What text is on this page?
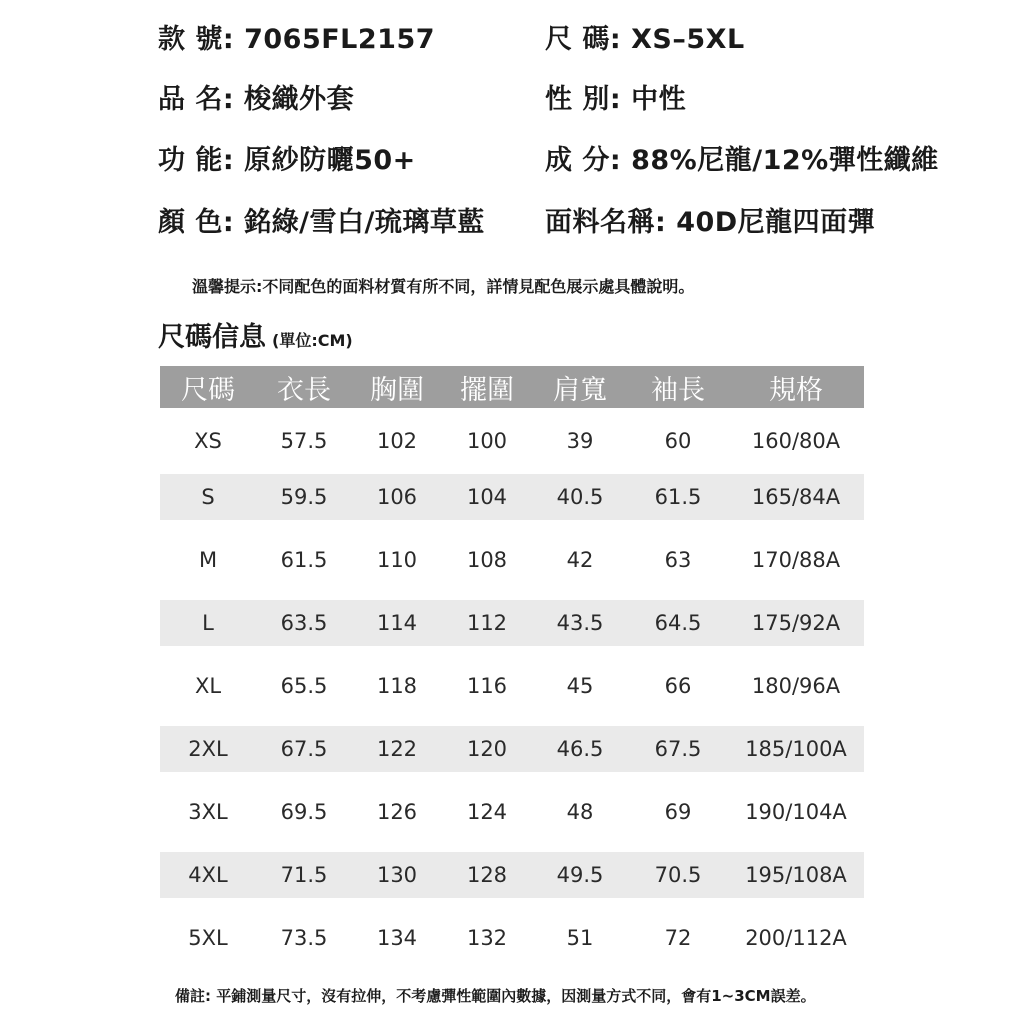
款 號: 7065FL2157	尺 碼: XS–5XL
品 名: 梭織外套	性 別: 中性
功 能: 原紗防曬50+	成 分: 88%尼龍/12%彈性纖維
顏 色: 銘綠/雪白/琉璃草藍 面料名稱: 40D尼龍四面彈
溫馨提示:不同配色的面料材質有所不同，詳情見配色展示處具體說明。
尺碼信息 (單位:CM)
尺碼	衣長	胸圍	擺圍	肩寬	袖長	規格
XS	57.5	102	100	39	60	160/80A
S	59.5	106	104	40.5	61.5	165/84A
M	61.5	110	108	42	63	170/88A
L	63.5	114	112	43.5	64.5	175/92A
XL	65.5	118	116	45	66	180/96A
2XL	67.5	122	120	46.5	67.5	185/100A
3XL	69.5	126	124	48	69	190/104A
4XL	71.5	130	128	49.5	70.5	195/108A
5XL	73.5	134	132	51	72	200/112A
備註: 平鋪測量尺寸，沒有拉伸，不考慮彈性範圍內數據，因測量方式不同，會有1~3CM誤差。
